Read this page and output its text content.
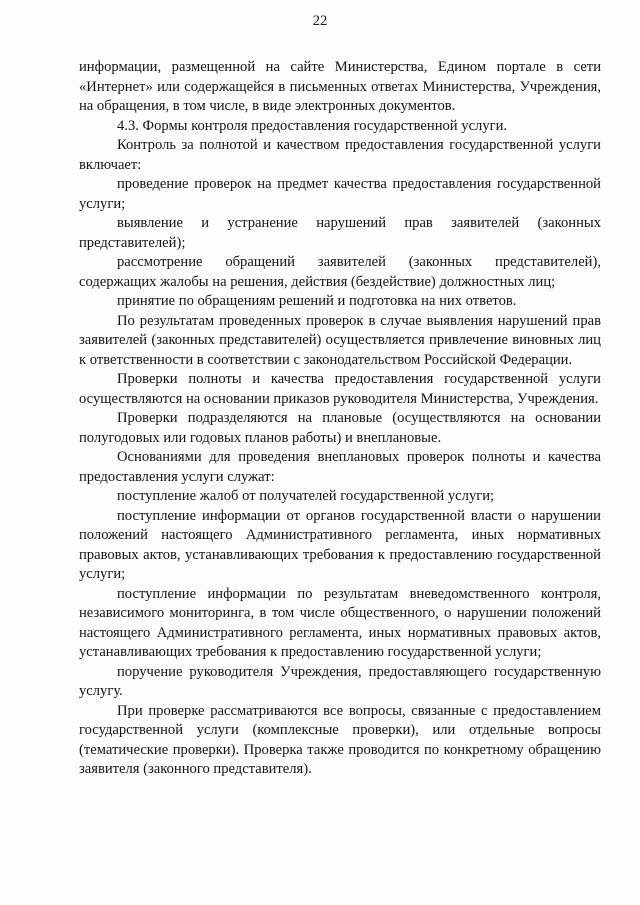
22

информации, размещенной на сайте Министерства, Едином портале в сети «Интернет» или содержащейся в письменных ответах Министерства, Учреждения, на обращения, в том числе, в виде электронных документов.

4.3. Формы контроля предоставления государственной услуги.

Контроль за полнотой и качеством предоставления государственной услуги включает:

проведение проверок на предмет качества предоставления государственной услуги;

выявление и устранение нарушений прав заявителей (законных представителей);

рассмотрение обращений заявителей (законных представителей), содержащих жалобы на решения, действия (бездействие) должностных лиц;

принятие по обращениям решений и подготовка на них ответов.

По результатам проведенных проверок в случае выявления нарушений прав заявителей (законных представителей) осуществляется привлечение виновных лиц к ответственности в соответствии с законодательством Российской Федерации.

Проверки полноты и качества предоставления государственной услуги осуществляются на основании приказов руководителя Министерства, Учреждения.

Проверки подразделяются на плановые (осуществляются на основании полугодовых или годовых планов работы) и внеплановые.

Основаниями для проведения внеплановых проверок полноты и качества предоставления услуги служат:

поступление жалоб от получателей государственной услуги;

поступление информации от органов государственной власти о нарушении положений настоящего Административного регламента, иных нормативных правовых актов, устанавливающих требования к предоставлению государственной услуги;

поступление информации по результатам вневедомственного контроля, независимого мониторинга, в том числе общественного, о нарушении положений настоящего Административного регламента, иных нормативных правовых актов, устанавливающих требования к предоставлению государственной услуги;

поручение руководителя Учреждения, предоставляющего государственную услугу.

При проверке рассматриваются все вопросы, связанные с предоставлением государственной услуги (комплексные проверки), или отдельные вопросы (тематические проверки). Проверка также проводится по конкретному обращению заявителя (законного представителя).
